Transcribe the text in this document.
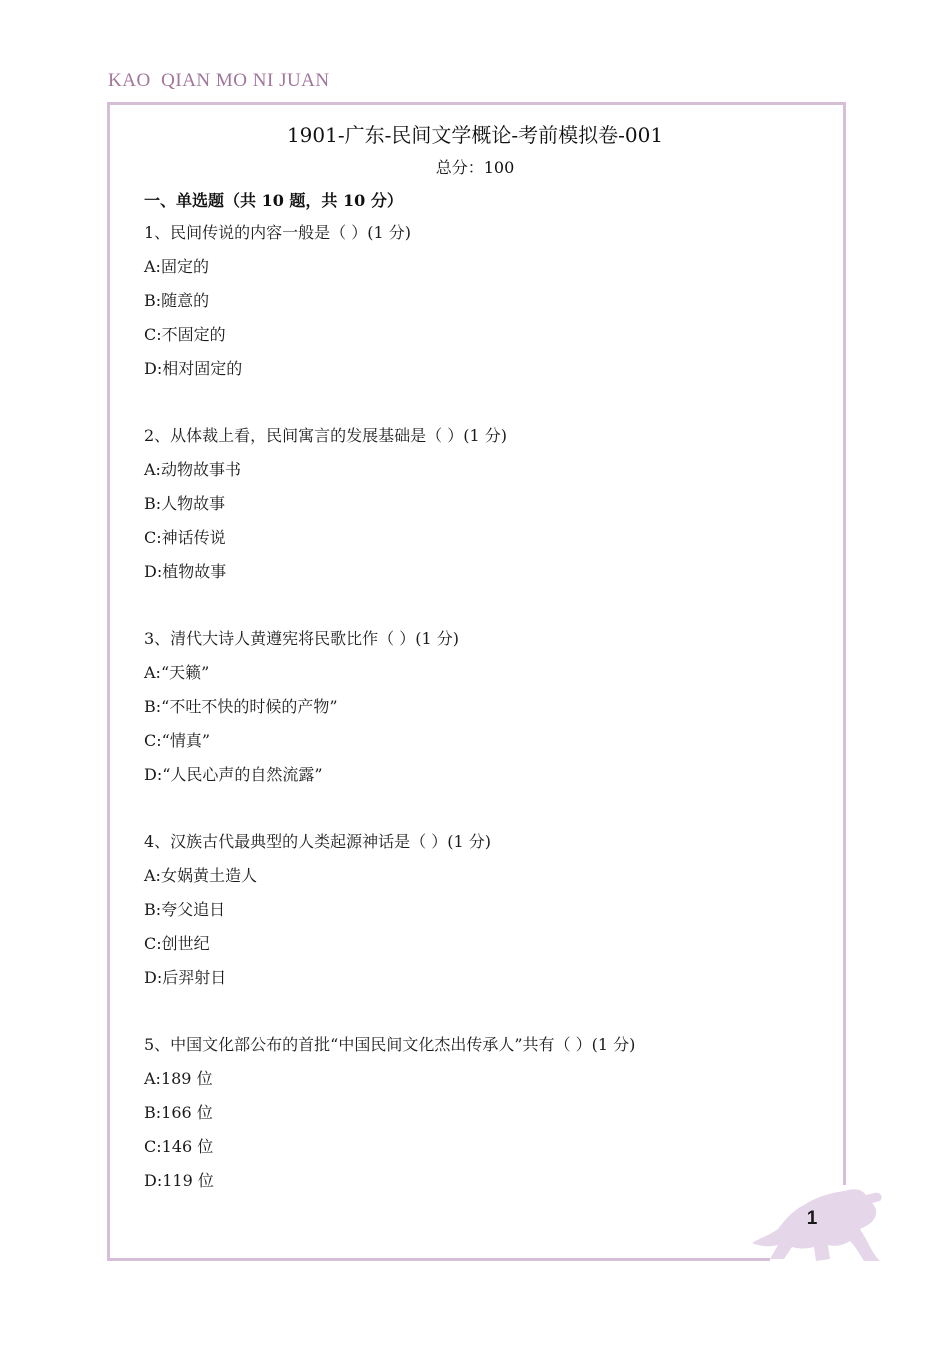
KAO  QIAN MO NI JUAN
1
1901-广东-民间文学概论-考前模拟卷-001
总分：100
一、单选题（共 10 题，共 10 分）
1、民间传说的内容一般是（ ）(1 分)
A:固定的
B:随意的
C:不固定的
D:相对固定的
2、从体裁上看，民间寓言的发展基础是（ ）(1 分)
A:动物故事书
B:人物故事
C:神话传说
D:植物故事
3、清代大诗人黄遵宪将民歌比作（ ）(1 分)
A:“天籁”
B:“不吐不快的时候的产物”
C:“情真”
D:“人民心声的自然流露”
4、汉族古代最典型的人类起源神话是（ ）(1 分)
A:女娲黄土造人
B:夸父追日
C:创世纪
D:后羿射日
5、中国文化部公布的首批“中国民间文化杰出传承人”共有（ ）(1 分)
A:189 位
B:166 位
C:146 位
D:119 位
